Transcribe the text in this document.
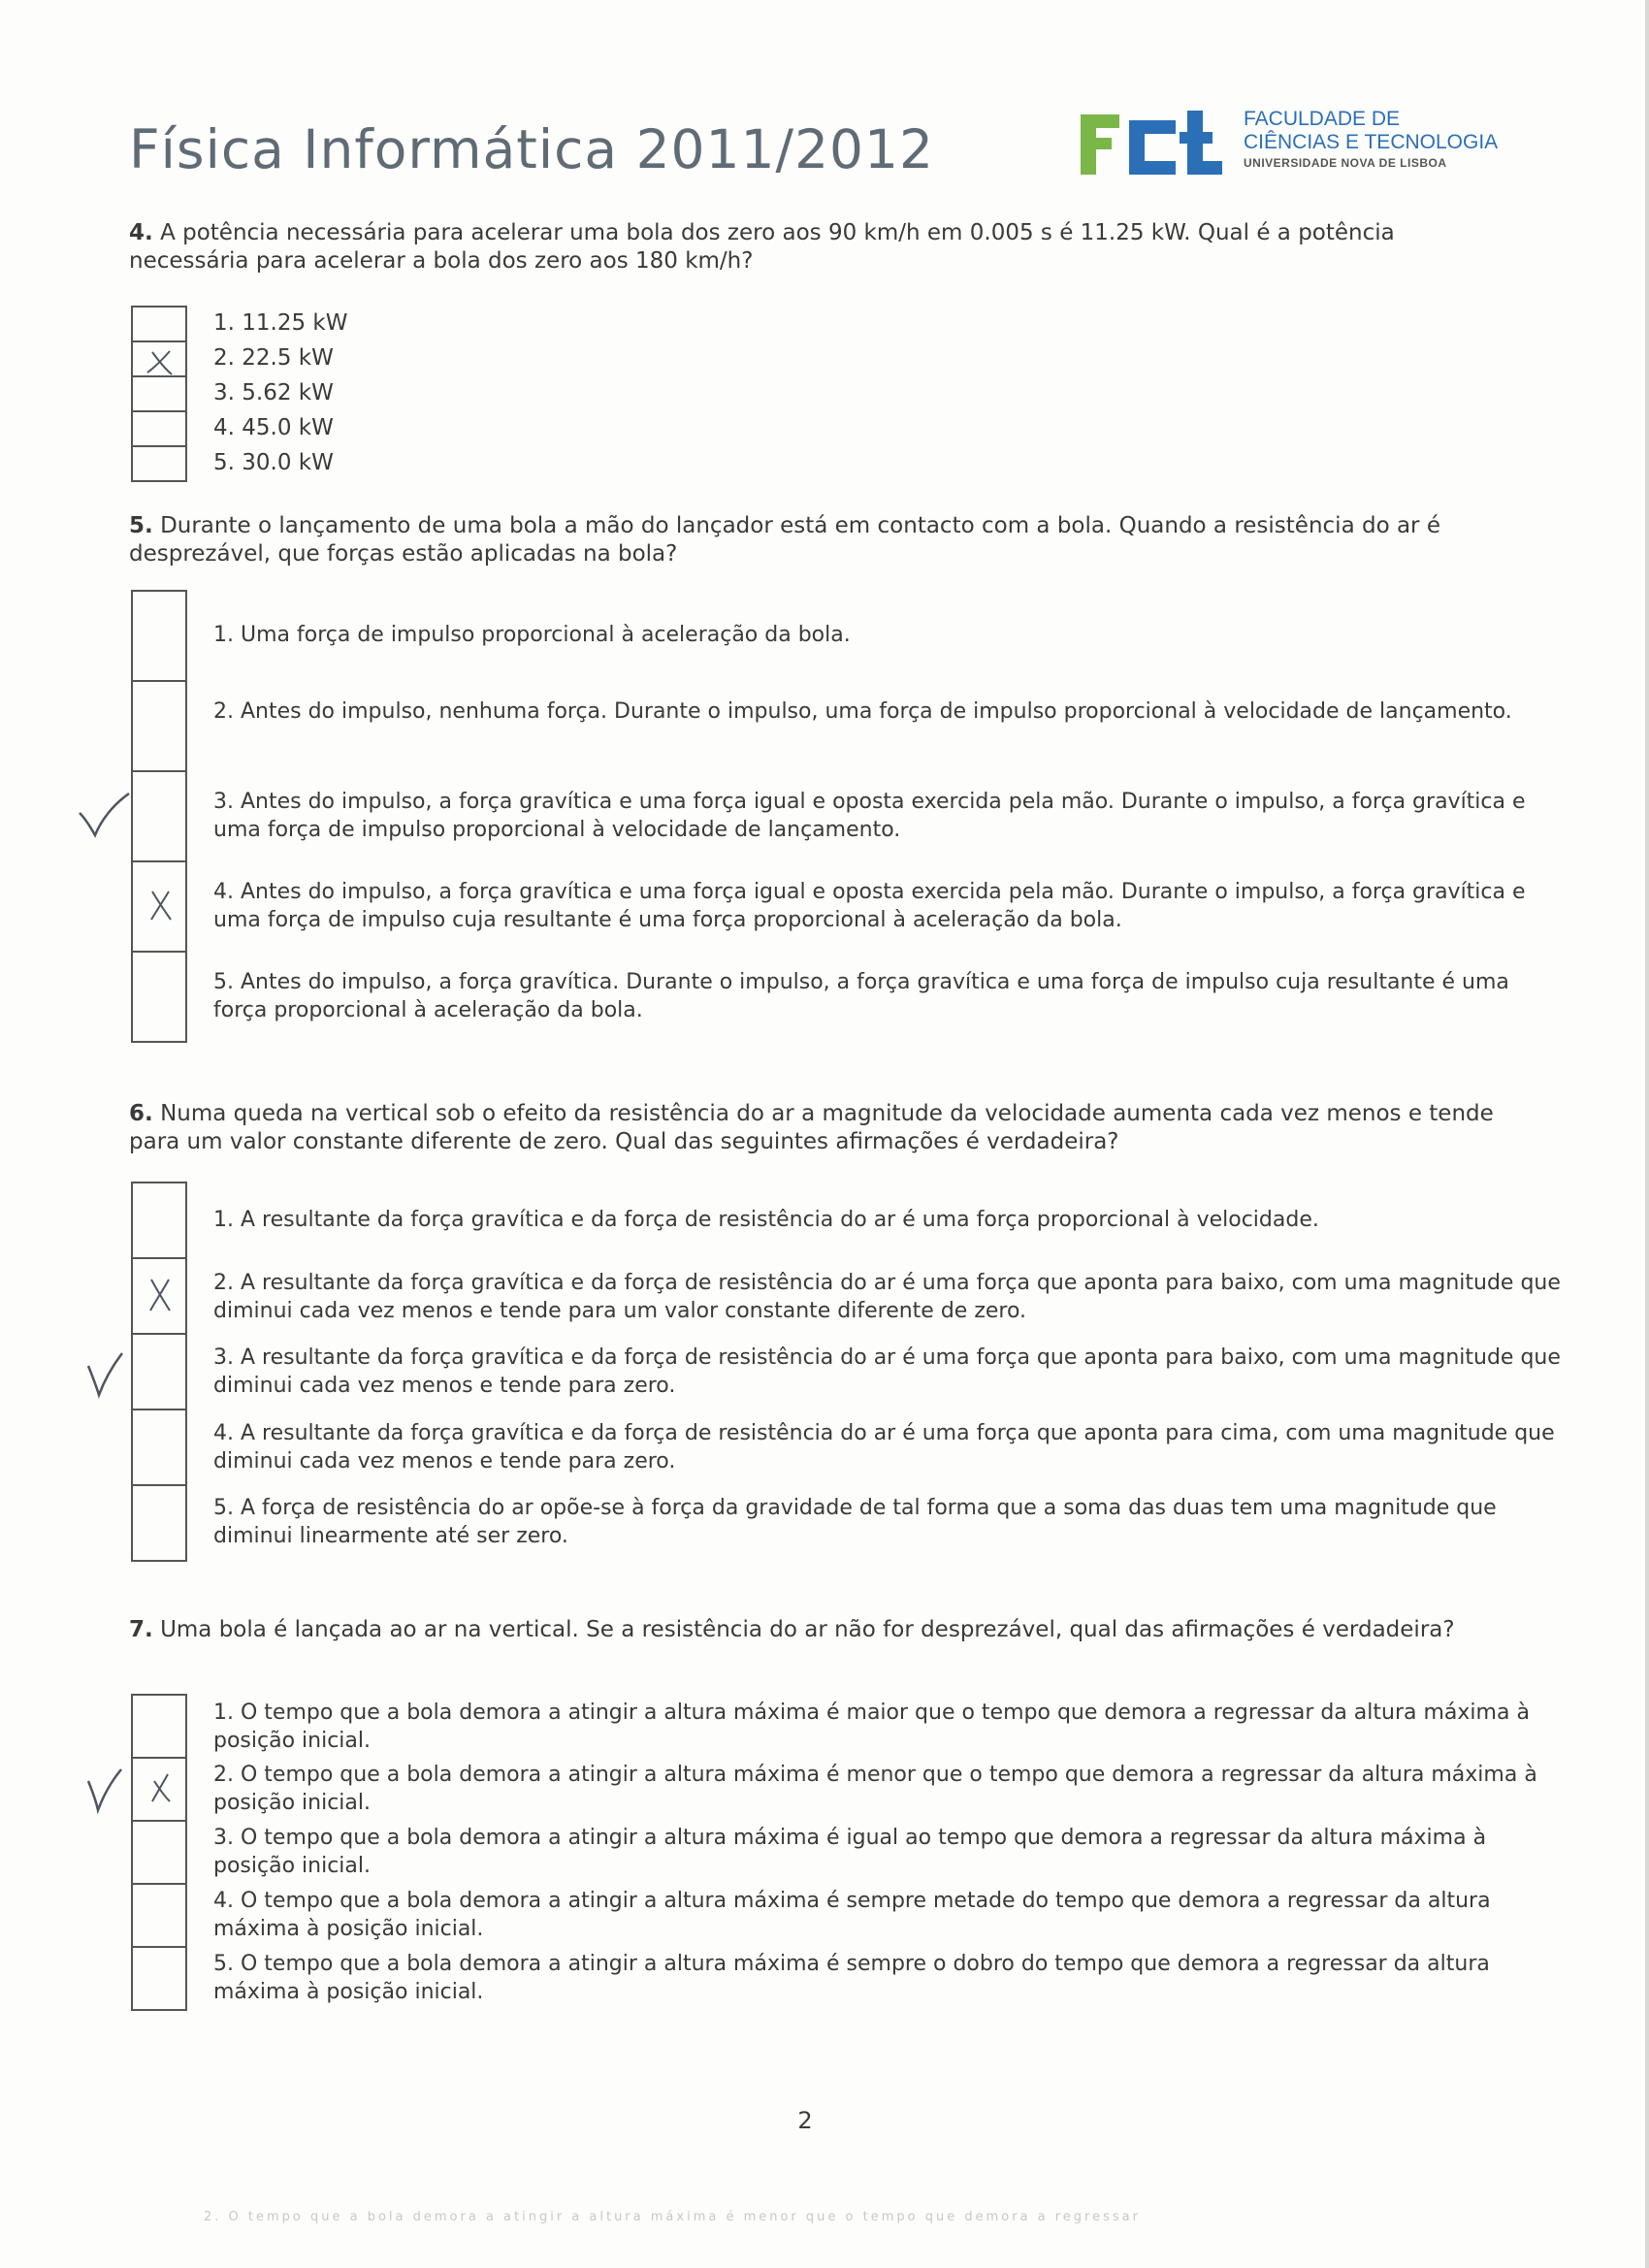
Física Informática 2011/2012	FACULDADE DE
CIÊNCIAS E TECNOLOGIA
UNIVERSIDADE NOVA DE LISBOA
4. A potência necessária para acelerar uma bola dos zero aos 90 km/h em 0.005 s é 11.25 kW. Qual é a potência necessária para acelerar a bola dos zero aos 180 km/h?
1. 11.25 kW
2. 22.5 kW
3. 5.62 kW
4. 45.0 kW
5. 30.0 kW
5. Durante o lançamento de uma bola a mão do lançador está em contacto com a bola. Quando a resistência do ar é desprezável, que forças estão aplicadas na bola?
1. Uma força de impulso proporcional à aceleração da bola.
2. Antes do impulso, nenhuma força. Durante o impulso, uma força de impulso proporcional à velocidade de lançamento.
3. Antes do impulso, a força gravítica e uma força igual e oposta exercida pela mão. Durante o impulso, a força gravítica e uma força de impulso proporcional à velocidade de lançamento.
4. Antes do impulso, a força gravítica e uma força igual e oposta exercida pela mão. Durante o impulso, a força gravítica e uma força de impulso cuja resultante é uma força proporcional à aceleração da bola.
5. Antes do impulso, a força gravítica. Durante o impulso, a força gravítica e uma força de impulso cuja resultante é uma força proporcional à aceleração da bola.
6. Numa queda na vertical sob o efeito da resistência do ar a magnitude da velocidade aumenta cada vez menos e tende para um valor constante diferente de zero. Qual das seguintes afirmações é verdadeira?
1. A resultante da força gravítica e da força de resistência do ar é uma força proporcional à velocidade.
2. A resultante da força gravítica e da força de resistência do ar é uma força que aponta para baixo, com uma magnitude que diminui cada vez menos e tende para um valor constante diferente de zero.
3. A resultante da força gravítica e da força de resistência do ar é uma força que aponta para baixo, com uma magnitude que diminui cada vez menos e tende para zero.
4. A resultante da força gravítica e da força de resistência do ar é uma força que aponta para cima, com uma magnitude que diminui cada vez menos e tende para zero.
5. A força de resistência do ar opõe-se à força da gravidade de tal forma que a soma das duas tem uma magnitude que diminui linearmente até ser zero.
7. Uma bola é lançada ao ar na vertical. Se a resistência do ar não for desprezável, qual das afirmações é verdadeira?
1. O tempo que a bola demora a atingir a altura máxima é maior que o tempo que demora a regressar da altura máxima à posição inicial.
2. O tempo que a bola demora a atingir a altura máxima é menor que o tempo que demora a regressar da altura máxima à posição inicial.
3. O tempo que a bola demora a atingir a altura máxima é igual ao tempo que demora a regressar da altura máxima à posição inicial.
4. O tempo que a bola demora a atingir a altura máxima é sempre metade do tempo que demora a regressar da altura máxima à posição inicial.
5. O tempo que a bola demora a atingir a altura máxima é sempre o dobro do tempo que demora a regressar da altura máxima à posição inicial.
2
2. O tempo que a bola demora a atingir a altura máxima é menor que o tempo que demora a regressar
